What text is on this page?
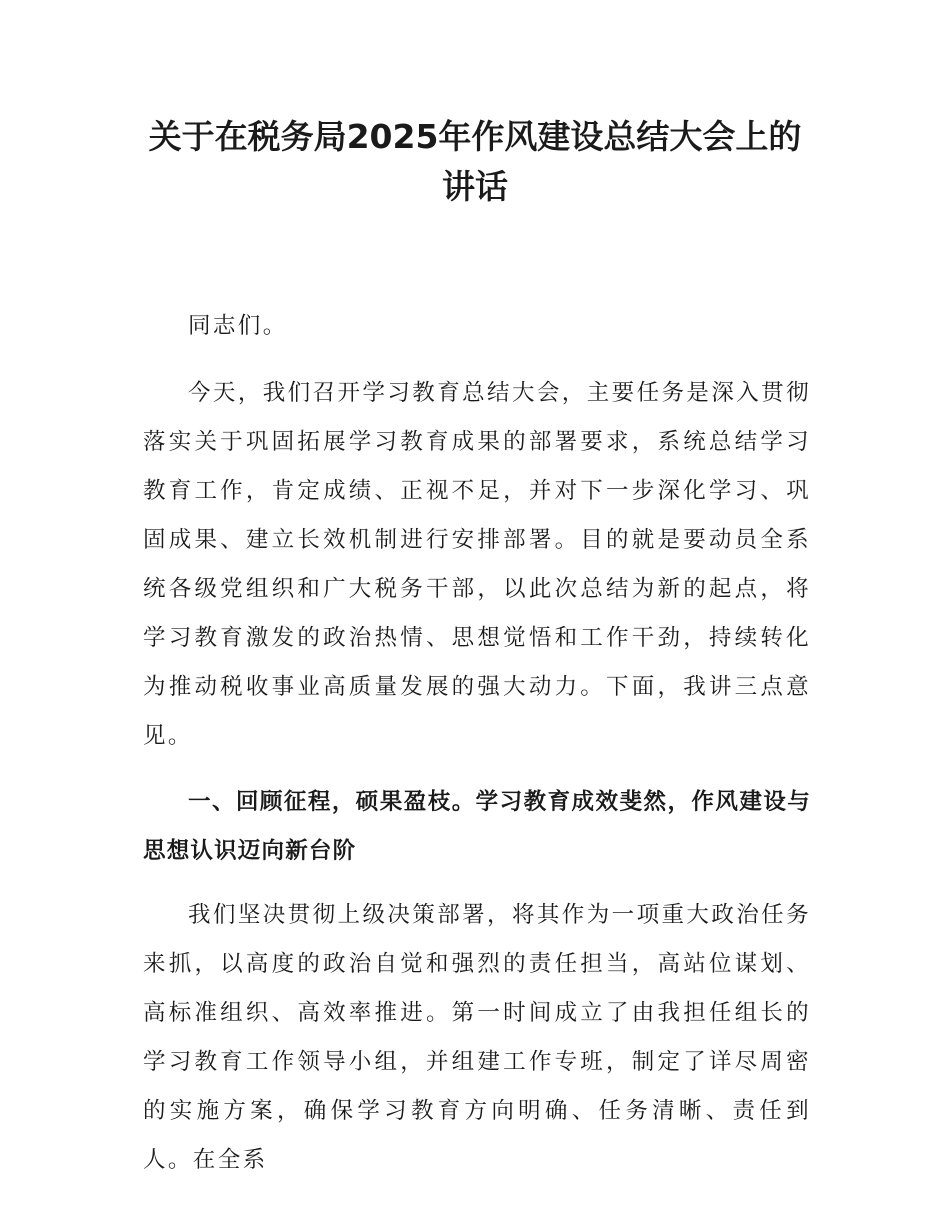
关于在税务局2025年作风建设总结大会上的讲话

同志们。

今天，我们召开学习教育总结大会，主要任务是深入贯彻落实关于巩固拓展学习教育成果的部署要求，系统总结学习教育工作，肯定成绩、正视不足，并对下一步深化学习、巩固成果、建立长效机制进行安排部署。目的就是要动员全系统各级党组织和广大税务干部，以此次总结为新的起点，将学习教育激发的政治热情、思想觉悟和工作干劲，持续转化为推动税收事业高质量发展的强大动力。下面，我讲三点意见。

一、回顾征程，硕果盈枝。学习教育成效斐然，作风建设与思想认识迈向新台阶

我们坚决贯彻上级决策部署，将其作为一项重大政治任务来抓，以高度的政治自觉和强烈的责任担当，高站位谋划、高标准组织、高效率推进。第一时间成立了由我担任组长的学习教育工作领导小组，并组建工作专班，制定了详尽周密的实施方案，确保学习教育方向明确、任务清晰、责任到人。在全系
